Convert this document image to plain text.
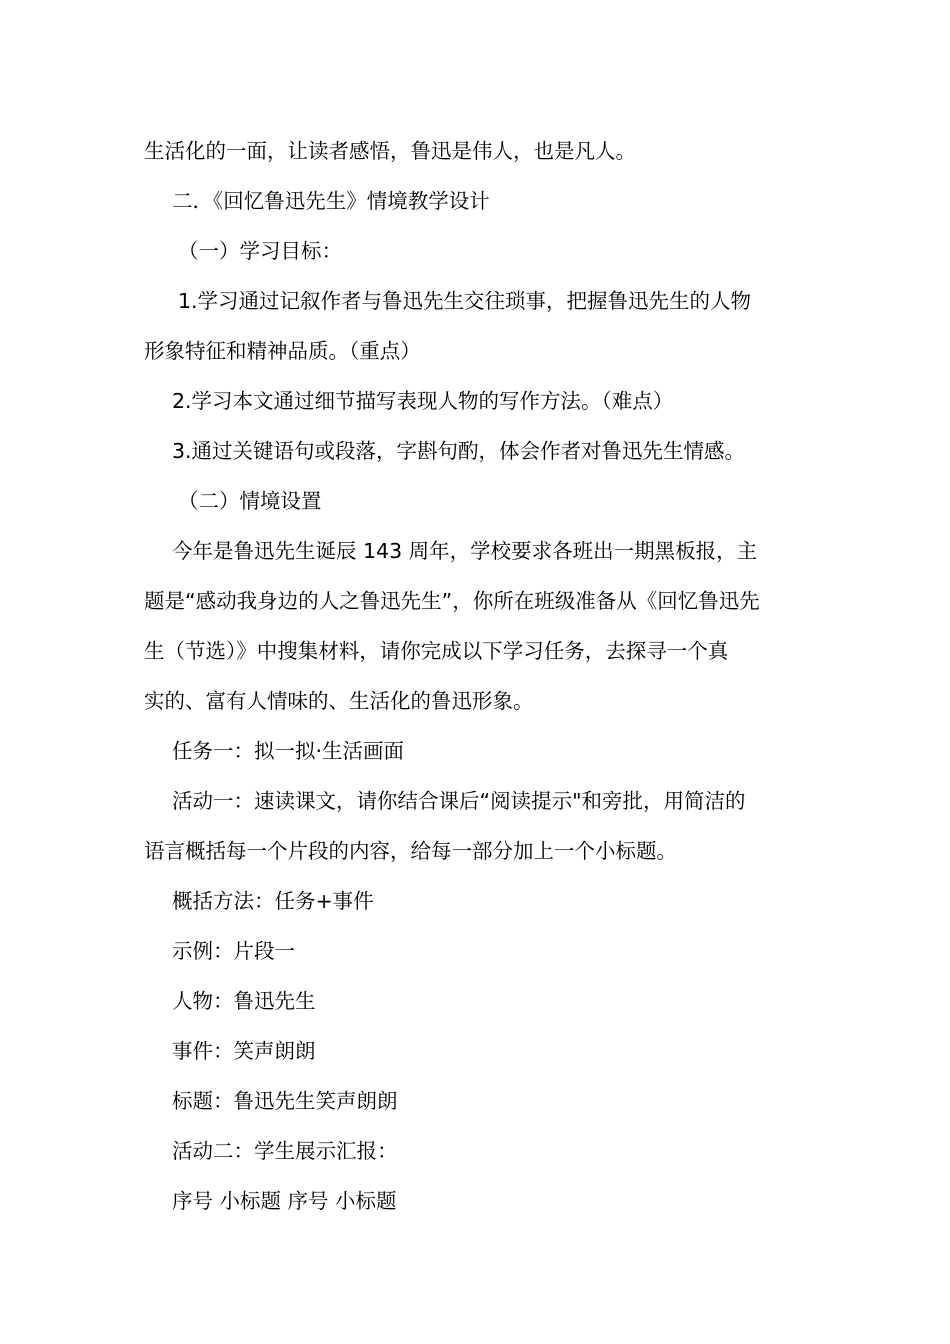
生活化的一面，让读者感悟，鲁迅是伟人，也是凡人。

二．《回忆鲁迅先生》情境教学设计

（一）学习目标：

1.学习通过记叙作者与鲁迅先生交往琐事，把握鲁迅先生的人物

形象特征和精神品质。（重点）

2.学习本文通过细节描写表现人物的写作方法。（难点）

3.通过关键语句或段落，字斟句酌，体会作者对鲁迅先生情感。

（二）情境设置

今年是鲁迅先生诞辰 143 周年，学校要求各班出一期黑板报，主

题是“感动我身边的人之鲁迅先生”，你所在班级准备从《回忆鲁迅先

生（节选）》中搜集材料，请你完成以下学习任务，去探寻一个真

实的、富有人情味的、生活化的鲁迅形象。

任务一：拟一拟·生活画面

活动一：速读课文，请你结合课后“阅读提示"和旁批，用简洁的

语言概括每一个片段的内容，给每一部分加上一个小标题。

概括方法：任务+事件

示例：片段一

人物：鲁迅先生

事件：笑声朗朗

标题：鲁迅先生笑声朗朗

活动二：学生展示汇报：

序号 小标题 序号 小标题
